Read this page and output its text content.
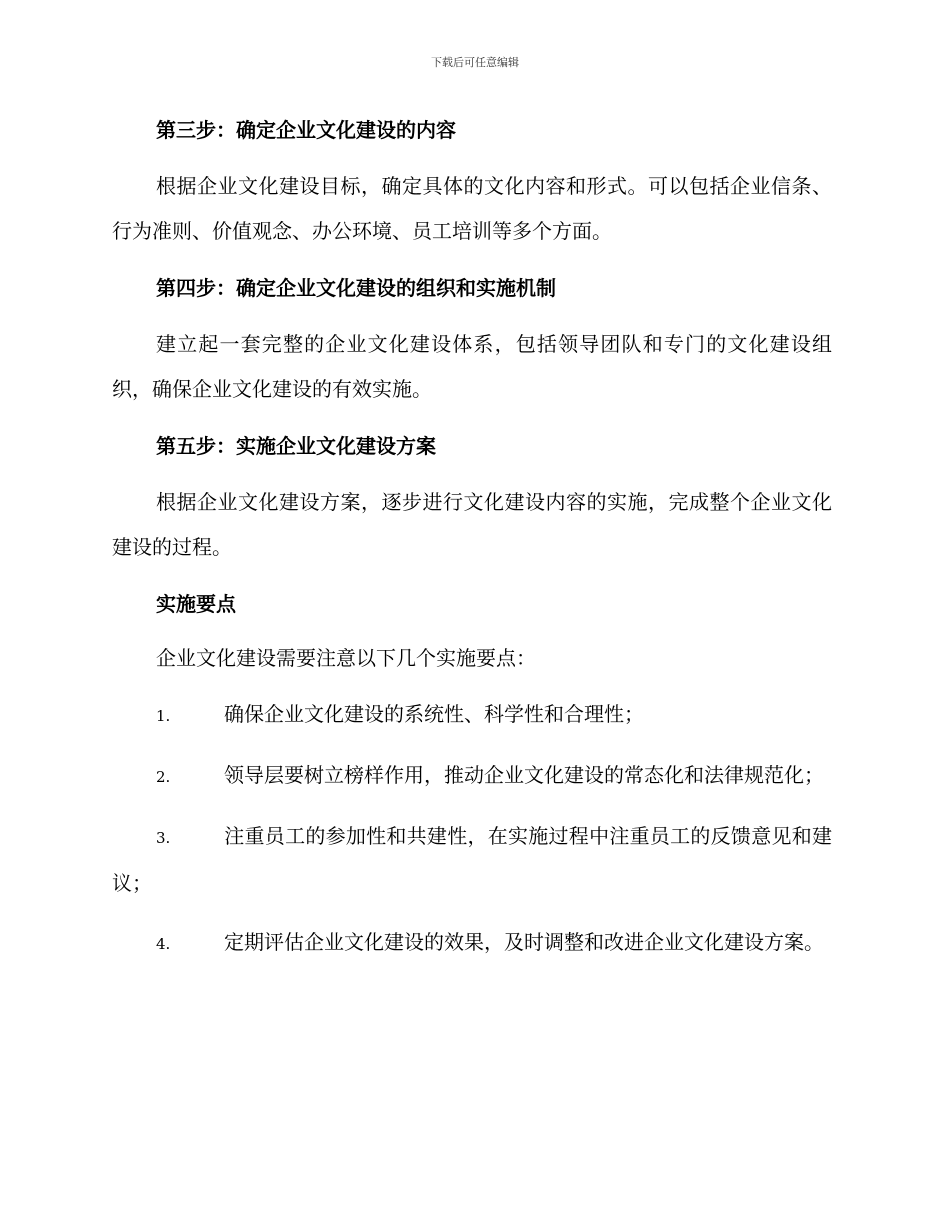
下载后可任意编辑
第三步：确定企业文化建设的内容
根据企业文化建设目标，确定具体的文化内容和形式。可以包括企业信条、行为准则、价值观念、办公环境、员工培训等多个方面。
第四步：确定企业文化建设的组织和实施机制
建立起一套完整的企业文化建设体系，包括领导团队和专门的文化建设组织，确保企业文化建设的有效实施。
第五步：实施企业文化建设方案
根据企业文化建设方案，逐步进行文化建设内容的实施，完成整个企业文化建设的过程。
实施要点
企业文化建设需要注意以下几个实施要点：
1.	确保企业文化建设的系统性、科学性和合理性；
2.	领导层要树立榜样作用，推动企业文化建设的常态化和法律规范化；
3.	注重员工的参加性和共建性，在实施过程中注重员工的反馈意见和建议；
4.	定期评估企业文化建设的效果，及时调整和改进企业文化建设方案。
